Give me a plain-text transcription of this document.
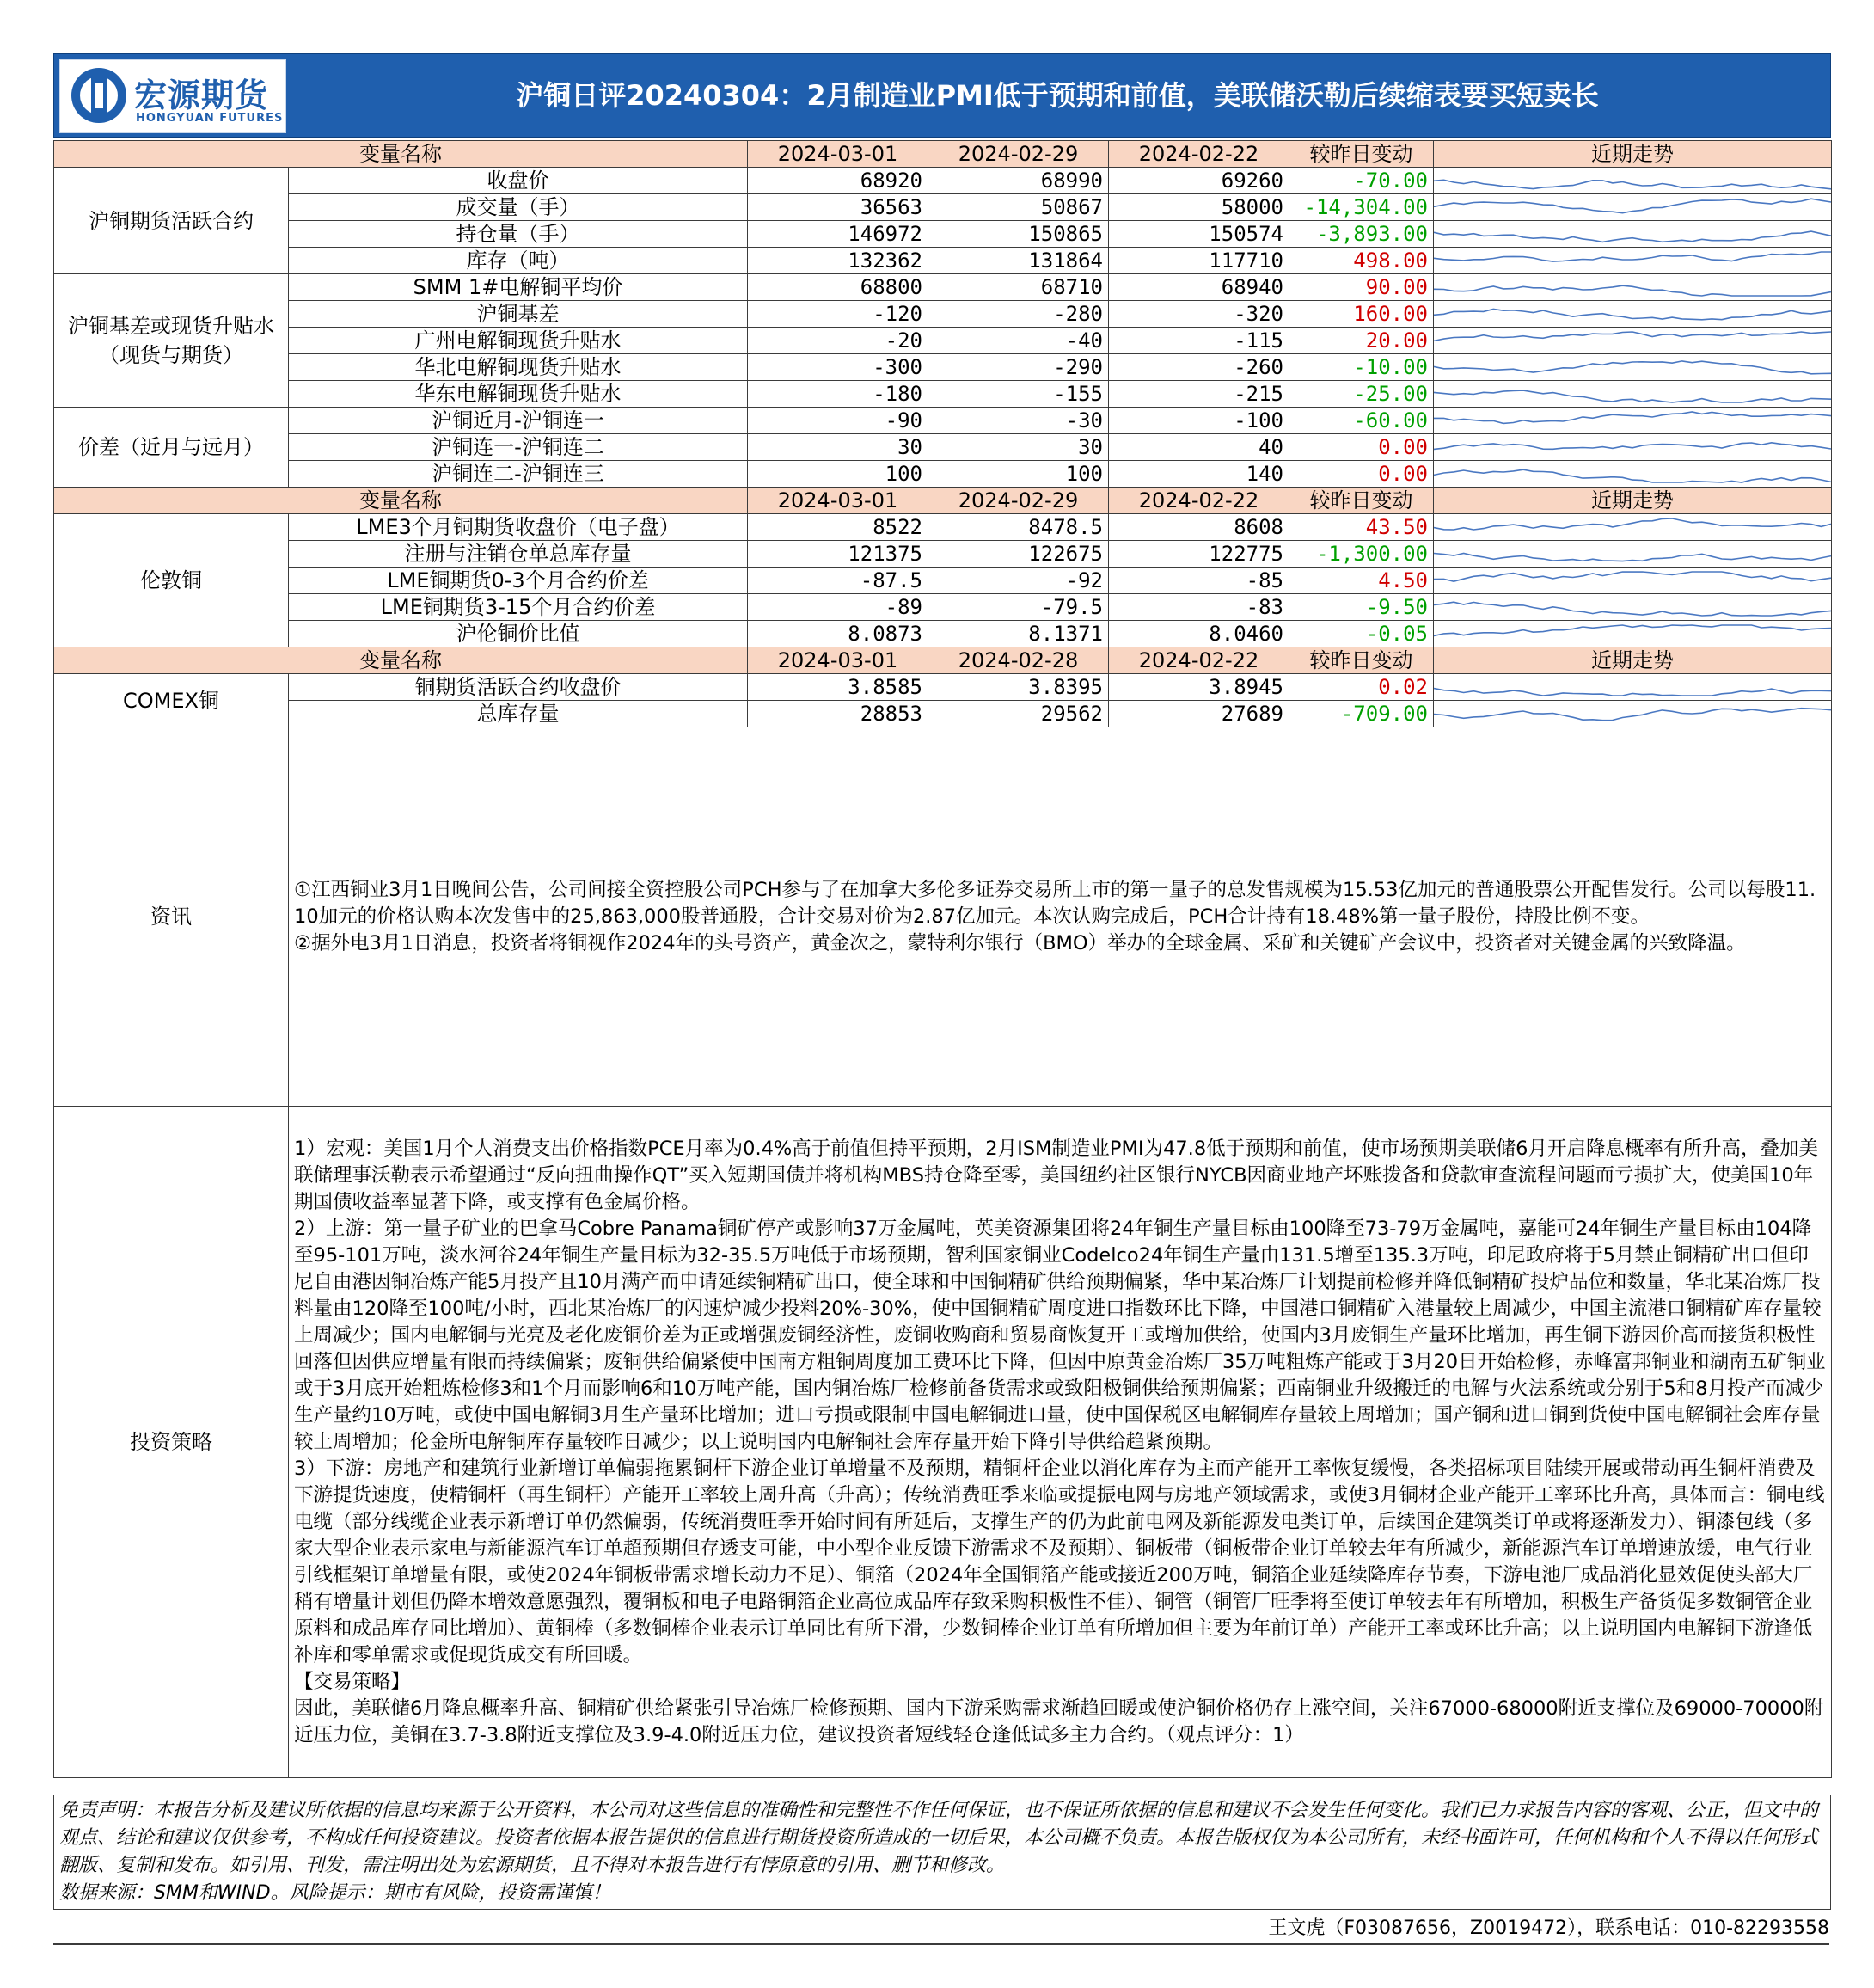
宏源期货
HONGYUAN FUTURES
沪铜日评20240304：2月制造业PMI低于预期和前值，美联储沃勒后续缩表要买短卖长
变量名称		2024-03-01	2024-02-29	2024-02-22	较昨日变动	近期走势
沪铜期货活跃合约	收盘价	68920	68990	69260	-70.00	

	成交量（手）	36563	50867	58000	-14,304.00	

	持仓量（手）	146972	150865	150574	-3,893.00	

	库存（吨）	132362	131864	117710	498.00	

沪铜基差或现货升贴水（现货与期货）	SMM 1#电解铜平均价	68800	68710	68940	90.00	

	沪铜基差	-120	-280	-320	160.00	

	广州电解铜现货升贴水	-20	-40	-115	20.00	

	华北电解铜现货升贴水	-300	-290	-260	-10.00	

	华东电解铜现货升贴水	-180	-155	-215	-25.00	

价差（近月与远月）	沪铜近月-沪铜连一	-90	-30	-100	-60.00	

	沪铜连一-沪铜连二	30	30	40	0.00	

	沪铜连二-沪铜连三	100	100	140	0.00	

变量名称		2024-03-01	2024-02-29	2024-02-22	较昨日变动	近期走势
伦敦铜	LME3个月铜期货收盘价（电子盘）	8522	8478.5	8608	43.50	

	注册与注销仓单总库存量	121375	122675	122775	-1,300.00	

	LME铜期货0-3个月合约价差	-87.5	-92	-85	4.50	

	LME铜期货3-15个月合约价差	-89	-79.5	-83	-9.50	

	沪伦铜价比值	8.0873	8.1371	8.0460	-0.05	

变量名称		2024-03-01	2024-02-28	2024-02-22	较昨日变动	近期走势
COMEX铜	铜期货活跃合约收盘价	3.8585	3.8395	3.8945	0.02	

	总库存量	28853	29562	27689	-709.00	

资讯	①江西铜业3月1日晚间公告，公司间接全资控股公司PCH参与了在加拿大多伦多证券交易所上市的第一量子的总发售规模为15.53亿加元的普通股票公开配售发行。公司以每股11.10加元的价格认购本次发售中的25,863,000股普通股，合计交易对价为2.87亿加元。本次认购完成后，PCH合计持有18.48%第一量子股份，持股比例不变。

②据外电3月1日消息，投资者将铜视作2024年的头号资产，黄金次之，蒙特利尔银行（BMO）举办的全球金属、采矿和关键矿产会议中，投资者对关键金属的兴致降温。					

投资策略	1）宏观：美国1月个人消费支出价格指数PCE月率为0.4%高于前值但持平预期，2月ISM制造业PMI为47.8低于预期和前值，使市场预期美联储6月开启降息概率有所升高，叠加美联储理事沃勒表示希望通过“反向扭曲操作QT”买入短期国债并将机构MBS持仓降至零，美国纽约社区银行NYCB因商业地产坏账拨备和贷款审查流程问题而亏损扩大，使美国10年期国债收益率显著下降，或支撑有色金属价格。

2）上游：第一量子矿业的巴拿马Cobre Panama铜矿停产或影响37万金属吨，英美资源集团将24年铜生产量目标由100降至73-79万金属吨，嘉能可24年铜生产量目标由104降至95-101万吨，淡水河谷24年铜生产量目标为32-35.5万吨低于市场预期，智利国家铜业Codelco24年铜生产量由131.5增至135.3万吨，印尼政府将于5月禁止铜精矿出口但印尼自由港因铜冶炼产能5月投产且10月满产而申请延续铜精矿出口，使全球和中国铜精矿供给预期偏紧，华中某冶炼厂计划提前检修并降低铜精矿投炉品位和数量，华北某冶炼厂投料量由120降至100吨/小时，西北某冶炼厂的闪速炉减少投料20%-30%，使中国铜精矿周度进口指数环比下降，中国港口铜精矿入港量较上周减少，中国主流港口铜精矿库存量较上周减少；国内电解铜与光亮及老化废铜价差为正或增强废铜经济性，废铜收购商和贸易商恢复开工或增加供给，使国内3月废铜生产量环比增加，再生铜下游因价高而接货积极性回落但因供应增量有限而持续偏紧；废铜供给偏紧使中国南方粗铜周度加工费环比下降，但因中原黄金冶炼厂35万吨粗炼产能或于3月20日开始检修，赤峰富邦铜业和湖南五矿铜业或于3月底开始粗炼检修3和1个月而影响6和10万吨产能，国内铜冶炼厂检修前备货需求或致阳极铜供给预期偏紧；西南铜业升级搬迁的电解与火法系统或分别于5和8月投产而减少生产量约10万吨，或使中国电解铜3月生产量环比增加；进口亏损或限制中国电解铜进口量，使中国保税区电解铜库存量较上周增加；国产铜和进口铜到货使中国电解铜社会库存量较上周增加；伦金所电解铜库存量较昨日减少；以上说明国内电解铜社会库存量开始下降引导供给趋紧预期。

3）下游：房地产和建筑行业新增订单偏弱拖累铜杆下游企业订单增量不及预期，精铜杆企业以消化库存为主而产能开工率恢复缓慢，各类招标项目陆续开展或带动再生铜杆消费及下游提货速度，使精铜杆（再生铜杆）产能开工率较上周升高（升高）；传统消费旺季来临或提振电网与房地产领域需求，或使3月铜材企业产能开工率环比升高，具体而言：铜电线电缆（部分线缆企业表示新增订单仍然偏弱，传统消费旺季开始时间有所延后，支撑生产的仍为此前电网及新能源发电类订单，后续国企建筑类订单或将逐渐发力）、铜漆包线（多家大型企业表示家电与新能源汽车订单超预期但存透支可能，中小型企业反馈下游需求不及预期）、铜板带（铜板带企业订单较去年有所减少，新能源汽车订单增速放缓，电气行业引线框架订单增量有限，或使2024年铜板带需求增长动力不足）、铜箔（2024年全国铜箔产能或接近200万吨，铜箔企业延续降库存节奏，下游电池厂成品消化显效促使头部大厂稍有增量计划但仍降本增效意愿强烈，覆铜板和电子电路铜箔企业高位成品库存致采购积极性不佳）、铜管（铜管厂旺季将至使订单较去年有所增加，积极生产备货促多数铜管企业原料和成品库存同比增加）、黄铜棒（多数铜棒企业表示订单同比有所下滑，少数铜棒企业订单有所增加但主要为年前订单）产能开工率或环比升高；以上说明国内电解铜下游逢低补库和零单需求或促现货成交有所回暖。

【交易策略】

因此，美联储6月降息概率升高、铜精矿供给紧张引导冶炼厂检修预期、国内下游采购需求渐趋回暖或使沪铜价格仍存上涨空间，关注67000-68000附近支撑位及69000-70000附近压力位，美铜在3.7-3.8附近支撑位及3.9-4.0附近压力位，建议投资者短线轻仓逢低试多主力合约。（观点评分：1）					

免责声明：本报告分析及建议所依据的信息均来源于公开资料，本公司对这些信息的准确性和完整性不作任何保证，也不保证所依据的信息和建议不会发生任何变化。我们已力求报告内容的客观、公正，但文中的观点、结论和建议仅供参考，不构成任何投资建议。投资者依据本报告提供的信息进行期货投资所造成的一切后果，本公司概不负责。本报告版权仅为本公司所有，未经书面许可，任何机构和个人不得以任何形式翻版、复制和发布。如引用、刊发，需注明出处为宏源期货，且不得对本报告进行有悖原意的引用、删节和修改。

数据来源：SMM和WIND。风险提示：期市有风险，投资需谨慎！

王文虎（F03087656，Z0019472），联系电话：010-82293558
